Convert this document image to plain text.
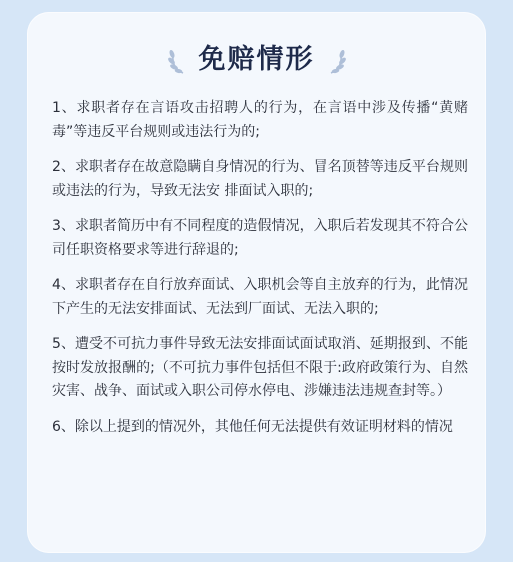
免赔情形

1、求职者存在言语攻击招聘人的行为，在言语中涉及传播“黄赌毒”等违反平台规则或违法行为的;

2、求职者存在故意隐瞒自身情况的行为、冒名顶替等违反平台规则或违法的行为，导致无法安 排面试入职的;

3、求职者简历中有不同程度的造假情况，入职后若发现其不符合公司任职资格要求等进行辞退的;

4、求职者存在自行放弃面试、入职机会等自主放弃的行为，此情况下产生的无法安排面试、无法到厂面试、无法入职的;

5、遭受不可抗力事件导致无法安排面试面试取消、延期报到、不能按时发放报酬的;（不可抗力事件包括但不限于:政府政策行为、自然灾害、战争、面试或入职公司停水停电、涉嫌违法违规查封等。）

6、除以上提到的情况外，其他任何无法提供有效证明材料的情况
